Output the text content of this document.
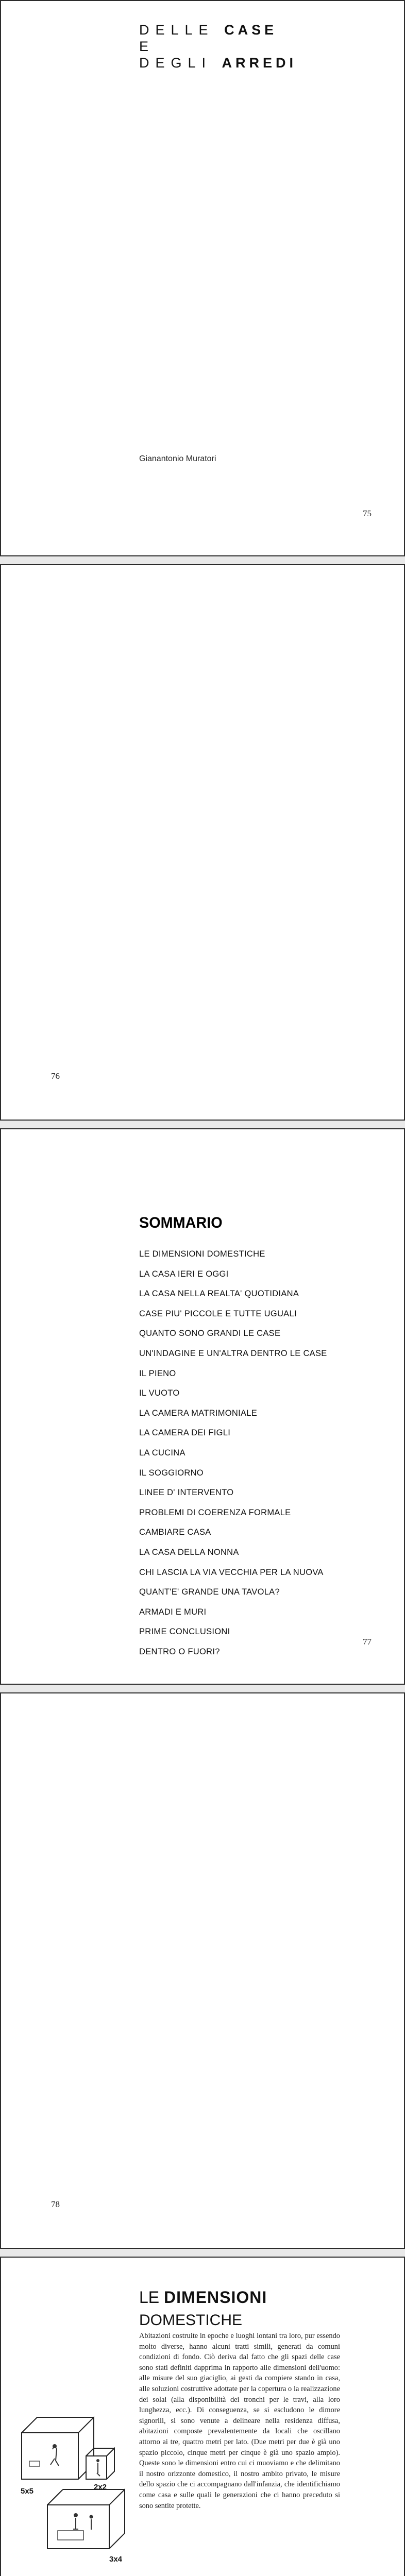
DELLE CASE
E
DEGLI ARREDI
Gianantonio Muratori
75
76
SOMMARIO
LE DIMENSIONI DOMESTICHE
LA CASA IERI E OGGI
LA CASA NELLA REALTA' QUOTIDIANA
CASE PIU' PICCOLE E TUTTE UGUALI
QUANTO SONO GRANDI LE CASE
UN'INDAGINE E UN'ALTRA DENTRO LE CASE
IL PIENO
IL VUOTO
LA CAMERA MATRIMONIALE
LA CAMERA DEI FIGLI
LA CUCINA
IL SOGGIORNO
LINEE D' INTERVENTO
PROBLEMI DI COERENZA FORMALE
CAMBIARE CASA
LA CASA DELLA NONNA
CHI LASCIA LA VIA VECCHIA PER LA NUOVA
QUANT'E' GRANDE UNA TAVOLA?
ARMADI E MURI
PRIME CONCLUSIONI
DENTRO O FUORI?
77
78
LE DIMENSIONI
DOMESTICHE

Abitazioni costruite in epoche e luoghi lontani tra loro, pur essendo molto diverse, hanno alcuni tratti simili, generati da comuni condizioni di fondo. Ciò deriva dal fatto che gli spazi delle case sono stati definiti dapprima in rapporto alle dimensioni dell'uomo: alle misure del suo giaciglio, ai gesti da compiere stando in casa, alle soluzioni costruttive adottate per la copertura o la realizzazione dei solai (alla disponibilità dei tronchi per le travi, alla loro lunghezza, ecc.). Di conseguenza, se si escludono le dimore signorili, si sono venute a delineare nella residenza diffusa, abitazioni composte prevalentemente da locali che oscillano attorno ai tre, quattro metri per lato. (Due metri per due è già uno spazio piccolo, cinque metri per cinque è già uno spazio ampio). Queste sono le dimensioni entro cui ci muoviamo e che delimitano il nostro orizzonte domestico, il nostro ambito privato, le misure dello spazio che ci accompagnano dall'infanzia, che identifichiamo come casa e sulle quali le generazioni che ci hanno preceduto si sono sentite protette.

5x5	2x2
3x4
